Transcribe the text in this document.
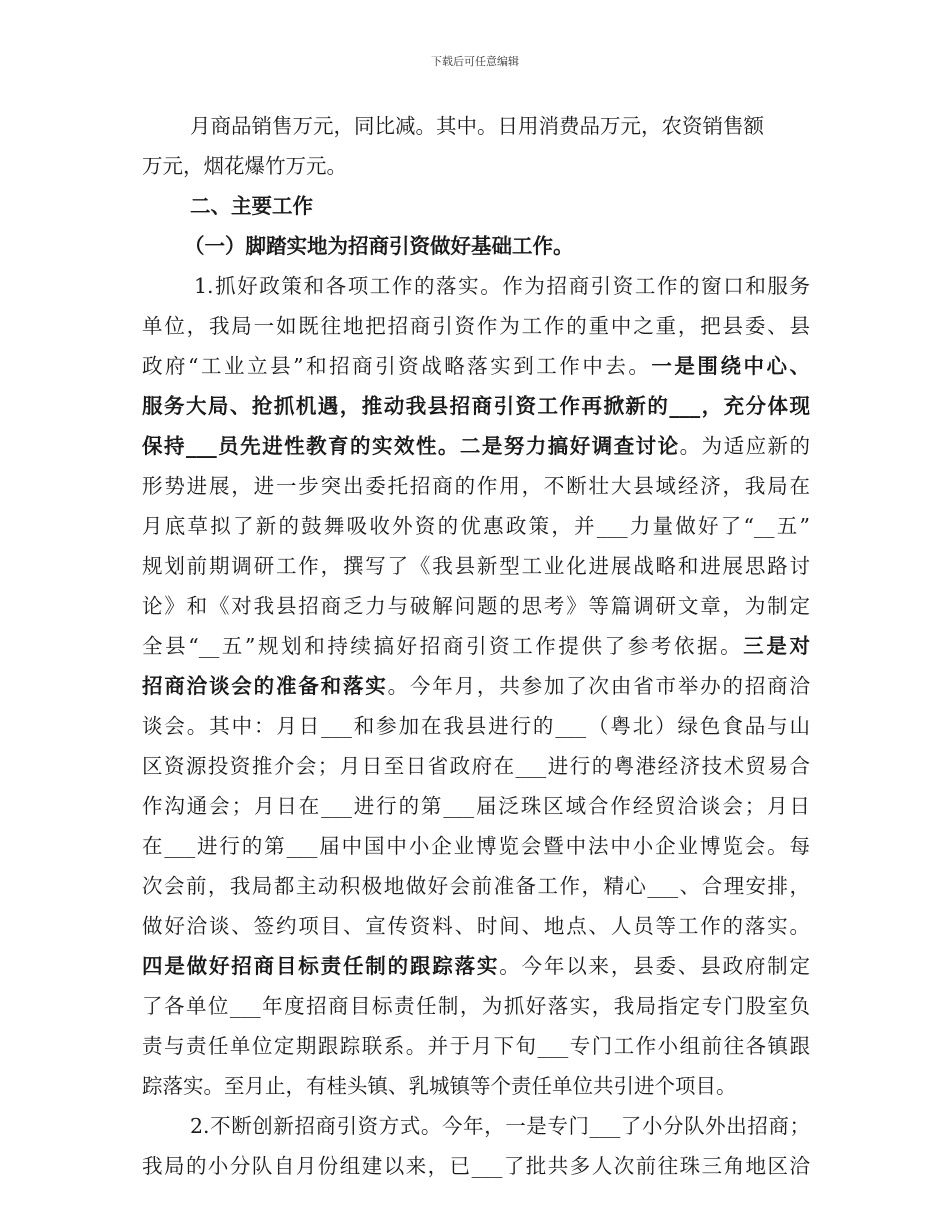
下载后可任意编辑
月商品销售万元，同比减。其中。日用消费品万元，农资销售额
万元，烟花爆竹万元。
二、主要工作
（一）脚踏实地为招商引资做好基础工作。
1.抓好政策和各项工作的落实。作为招商引资工作的窗口和服务
单位，我局一如既往地把招商引资作为工作的重中之重，把县委、县
政府“工业立县”和招商引资战略落实到工作中去。一是围绕中心、
服务大局、抢抓机遇，推动我县招商引资工作再掀新的___，充分体现
保持___员先进性教育的实效性。二是努力搞好调查讨论。为适应新的
形势进展，进一步突出委托招商的作用，不断壮大县域经济，我局在
月底草拟了新的鼓舞吸收外资的优惠政策，并___力量做好了“__五”
规划前期调研工作，撰写了《我县新型工业化进展战略和进展思路讨
论》和《对我县招商乏力与破解问题的思考》等篇调研文章，为制定
全县“__五”规划和持续搞好招商引资工作提供了参考依据。三是对
招商洽谈会的准备和落实。今年月，共参加了次由省市举办的招商洽
谈会。其中：月日___和参加在我县进行的___（粤北）绿色食品与山
区资源投资推介会；月日至日省政府在___进行的粤港经济技术贸易合
作沟通会；月日在___进行的第___届泛珠区域合作经贸洽谈会；月日
在___进行的第___届中国中小企业博览会暨中法中小企业博览会。每
次会前，我局都主动积极地做好会前准备工作，精心___、合理安排，
做好洽谈、签约项目、宣传资料、时间、地点、人员等工作的落实。
四是做好招商目标责任制的跟踪落实。今年以来，县委、县政府制定
了各单位___年度招商目标责任制，为抓好落实，我局指定专门股室负
责与责任单位定期跟踪联系。并于月下旬___专门工作小组前往各镇跟
踪落实。至月止，有桂头镇、乳城镇等个责任单位共引进个项目。
2.不断创新招商引资方式。今年，一是专门___了小分队外出招商；
我局的小分队自月份组建以来，已___了批共多人次前往珠三角地区洽
